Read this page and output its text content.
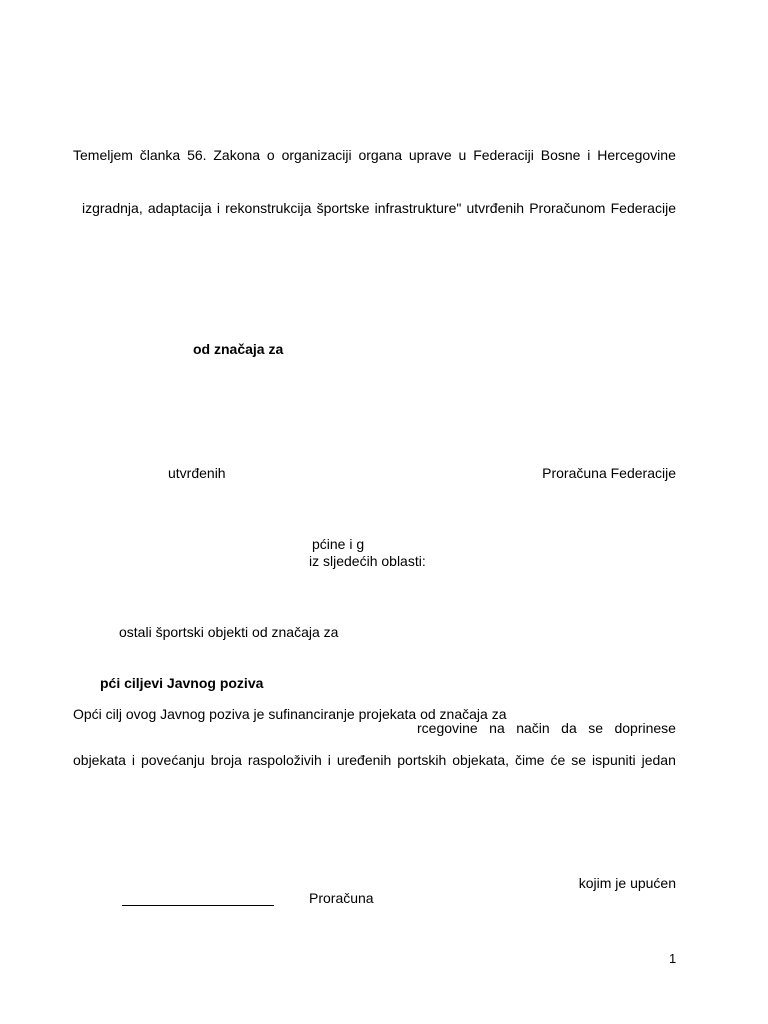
Temeljem članka 56. Zakona o organizaciji organa uprave u Federaciji Bosne i Hercegovine
izgradnja, adaptacija i rekonstrukcija športske infrastrukture" utvrđenih Proračunom Federacije
od značaja za
utvrđenih	Proračuna Federacije
pćine i g
iz sljedećih oblasti:
ostali športski objekti od značaja za
pći ciljevi Javnog poziva
Opći cilj ovog Javnog poziva je sufinanciranje projekata od značaja za
rcegovine na način da se doprinese
objekata i povećanju broja raspoloživih i uređenih portskih objekata, čime će se ispuniti jedan
kojim je upućen
Proračuna
1
